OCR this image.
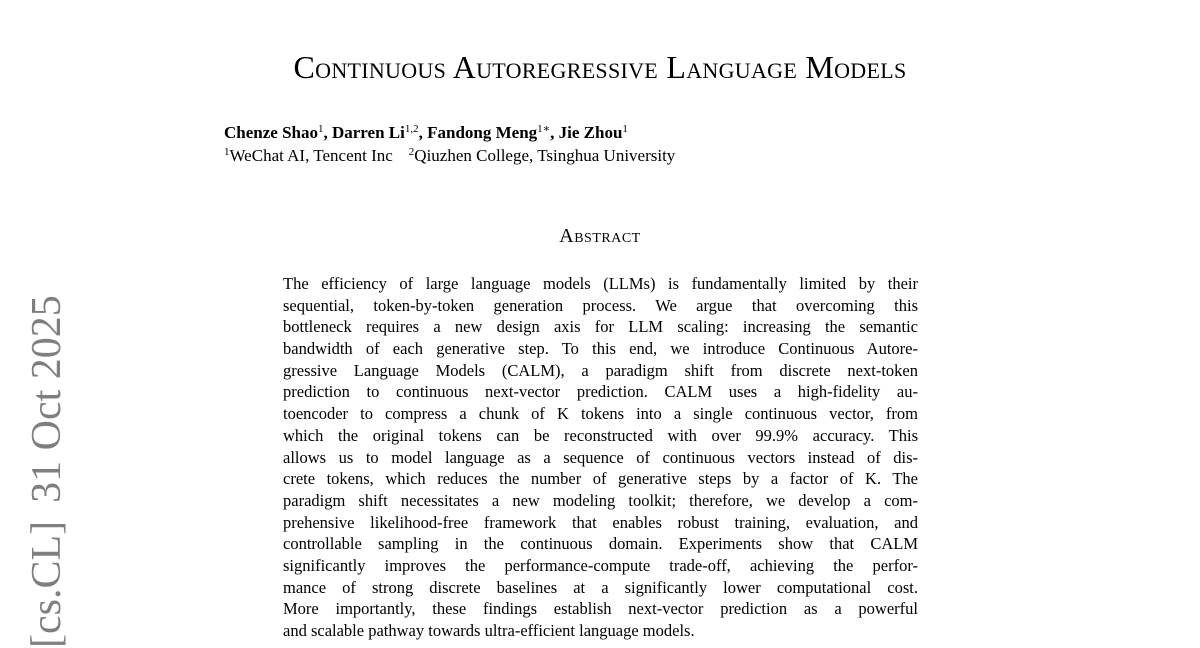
Continuous Autoregressive Language Models
Chenze Shao$^1$, Darren Li$^{1,2}$, Fandong Meng$^{1∗}$, Jie Zhou$^1$
$^1$WeChat AI, Tencent Inc $^2$Qiuzhen College, Tsinghua University
Abstract
The efficiency of large language models (LLMs) is fundamentally limited by their
sequential, token-by-token generation process. We argue that overcoming this
bottleneck requires a new design axis for LLM scaling: increasing the semantic
bandwidth of each generative step. To this end, we introduce Continuous Autore-
gressive Language Models (CALM), a paradigm shift from discrete next-token
prediction to continuous next-vector prediction. CALM uses a high-fidelity au-
toencoder to compress a chunk of K tokens into a single continuous vector, from
which the original tokens can be reconstructed with over 99.9% accuracy. This
allows us to model language as a sequence of continuous vectors instead of dis-
crete tokens, which reduces the number of generative steps by a factor of K. The
paradigm shift necessitates a new modeling toolkit; therefore, we develop a com-
prehensive likelihood-free framework that enables robust training, evaluation, and
controllable sampling in the continuous domain. Experiments show that CALM
significantly improves the performance-compute trade-off, achieving the perfor-
mance of strong discrete baselines at a significantly lower computational cost.
More importantly, these findings establish next-vector prediction as a powerful
and scalable pathway towards ultra-efficient language models.
[cs.CL]31 Oct 2025
